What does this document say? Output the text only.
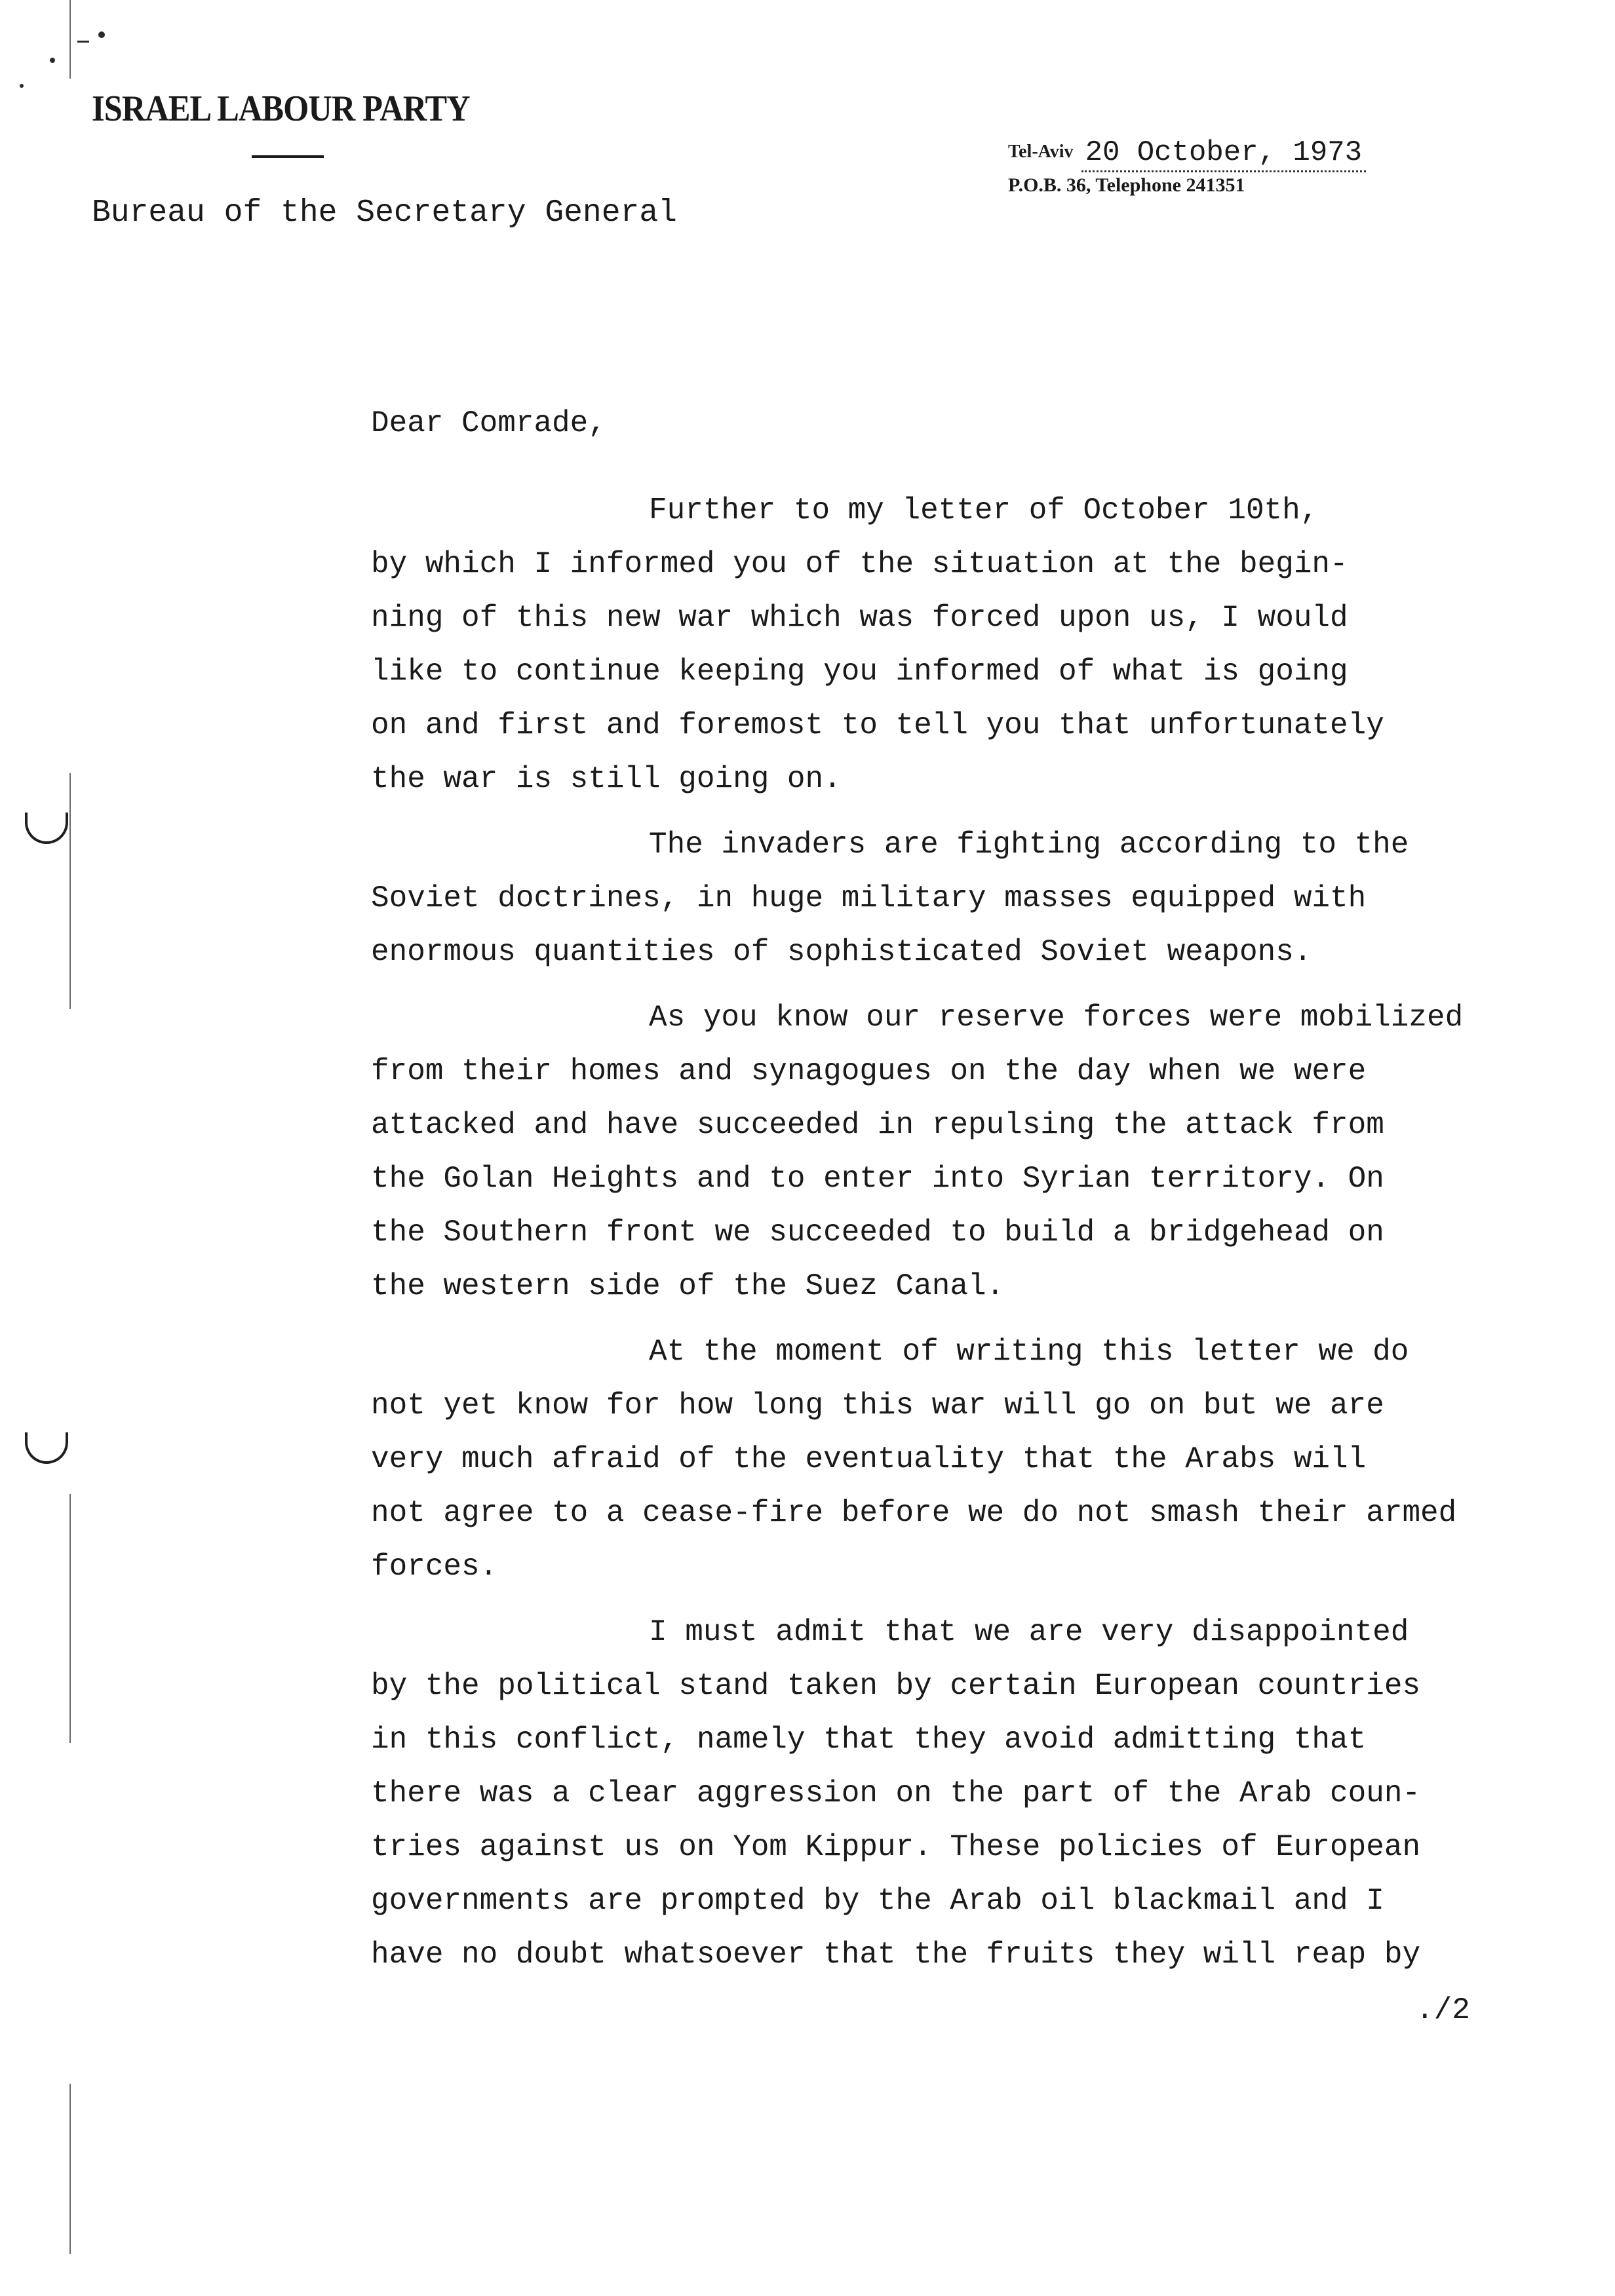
ISRAEL LABOUR PARTY
Bureau of the Secretary General
Tel-Aviv 20 October, 1973
P.O.B. 36, Telephone 241351
Dear Comrade,

Further to my letter of October 10th,
by which I informed you of the situation at the begin-
ning of this new war which was forced upon us, I would
like to continue keeping you informed of what is going
on and first and foremost to tell you that unfortunately
the war is still going on.

The invaders are fighting according to the
Soviet doctrines, in huge military masses equipped with
enormous quantities of sophisticated Soviet weapons.

As you know our reserve forces were mobilized
from their homes and synagogues on the day when we were
attacked and have succeeded in repulsing the attack from
the Golan Heights and to enter into Syrian territory. On
the Southern front we succeeded to build a bridgehead on
the western side of the Suez Canal.

At the moment of writing this letter we do
not yet know for how long this war will go on but we are
very much afraid of the eventuality that the Arabs will
not agree to a cease-fire before we do not smash their armed
forces.

I must admit that we are very disappointed
by the political stand taken by certain European countries
in this conflict, namely that they avoid admitting that
there was a clear aggression on the part of the Arab coun-
tries against us on Yom Kippur. These policies of European
governments are prompted by the Arab oil blackmail and I
have no doubt whatsoever that the fruits they will reap by

./2
